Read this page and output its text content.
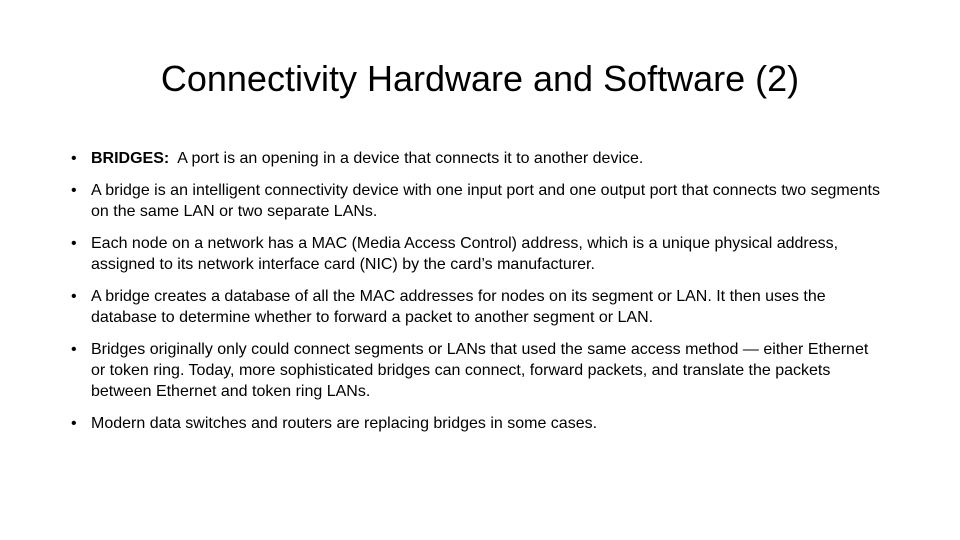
Connectivity Hardware and Software (2)
• BRIDGES:  A port is an opening in a device that connects it to another device.
• A bridge is an intelligent connectivity device with one input port and one output port that connects two segments on the same LAN or two separate LANs.
• Each node on a network has a MAC (Media Access Control) address, which is a unique physical address, assigned to its network interface card (NIC) by the card’s manufacturer.
• A bridge creates a database of all the MAC addresses for nodes on its segment or LAN. It then uses the database to determine whether to forward a packet to another segment or LAN.
• Bridges originally only could connect segments or LANs that used the same access method — either Ethernet or token ring. Today, more sophisticated bridges can connect, forward packets, and translate the packets between Ethernet and token ring LANs.
• Modern data switches and routers are replacing bridges in some cases.
